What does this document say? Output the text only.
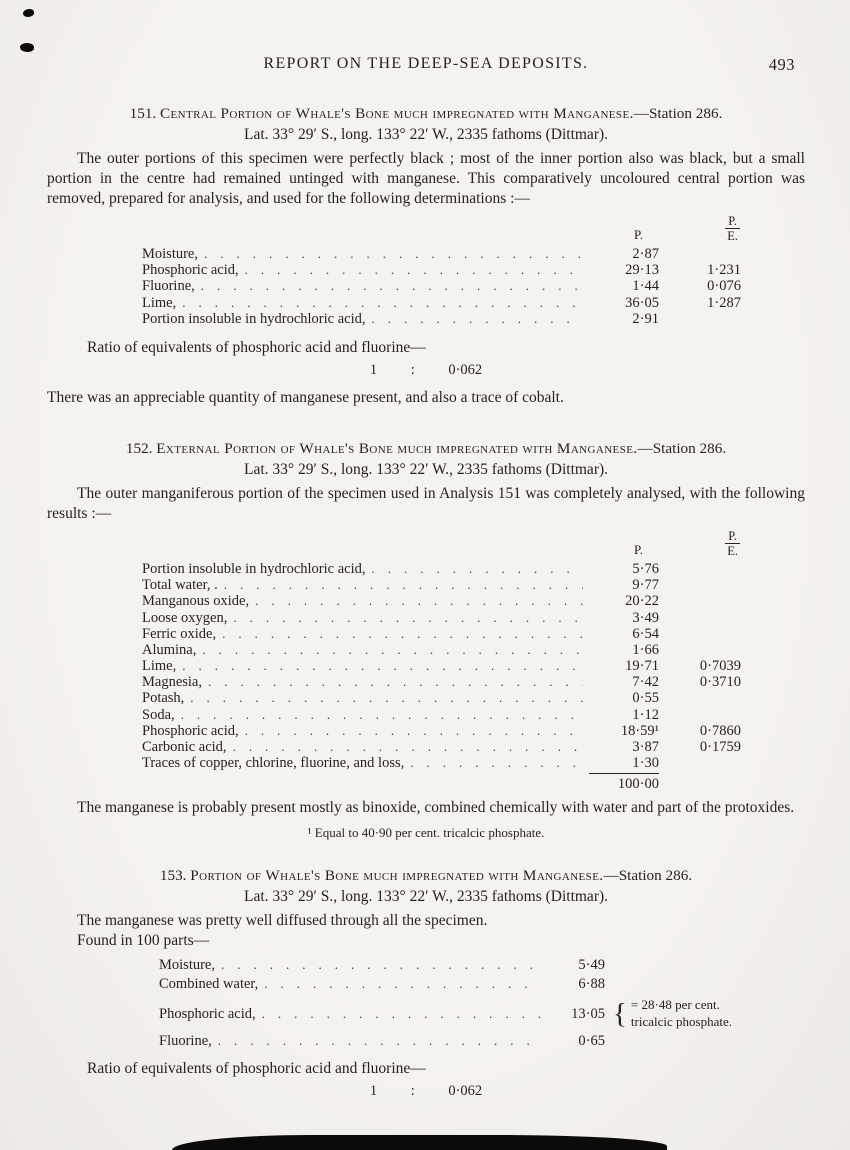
REPORT ON THE DEEP-SEA DEPOSITS.	493
151. Central Portion of Whale's Bone much impregnated with Manganese.—Station 286.
Lat. 33° 29′ S., long. 133° 22′ W., 2335 fathoms (Dittmar).
The outer portions of this specimen were perfectly black ; most of the inner portion also was black, but a small portion in the centre had remained untinged with manganese. This comparatively uncoloured central portion was removed, prepared for analysis, and used for the following determinations :—
P.	$\frac{P.}{E.}$
Moisture, .....	2·87
Phosphoric acid, .....	29·13	1·231
Fluorine, .....	1·44	0·076
Lime, .....	36·05	1·287
Portion insoluble in hydrochloric acid, .....	2·91
Ratio of equivalents of phosphoric acid and fluorine—
1 : 0·062
There was an appreciable quantity of manganese present, and also a trace of cobalt.
152. External Portion of Whale's Bone much impregnated with Manganese.—Station 286.
Lat. 33° 29′ S., long. 133° 22′ W., 2335 fathoms (Dittmar).
The outer manganiferous portion of the specimen used in Analysis 151 was completely analysed, with the following results :—
P.	$\frac{P.}{E.}$
Portion insoluble in hydrochloric acid, .....	5·76
Total water, . .....	9·77
Manganous oxide, .....	20·22
Loose oxygen, .....	3·49
Ferric oxide, .....	6·54
Alumina, .....	1·66
Lime, .....	19·71	0·7039
Magnesia, .....	7·42	0·3710
Potash, .....	0·55
Soda, .....	1·12
Phosphoric acid, .....	18·59¹	0·7860
Carbonic acid, .....	3·87	0·1759
Traces of copper, chlorine, fluorine, and loss, .....	1·30
100·00
The manganese is probably present mostly as binoxide, combined chemically with water and part of the protoxides.
¹ Equal to 40·90 per cent. tricalcic phosphate.
153. Portion of Whale's Bone much impregnated with Manganese.—Station 286.
Lat. 33° 29′ S., long. 133° 22′ W., 2335 fathoms (Dittmar).
The manganese was pretty well diffused through all the specimen.
Found in 100 parts—
Moisture, .....	5·49
Combined water, .....	6·88
Phosphoric acid, .....	13·05 { = 28·48 per cent.
tricalcic phosphate.
Fluorine, .....	0·65
Ratio of equivalents of phosphoric acid and fluorine—
1 : 0·062
